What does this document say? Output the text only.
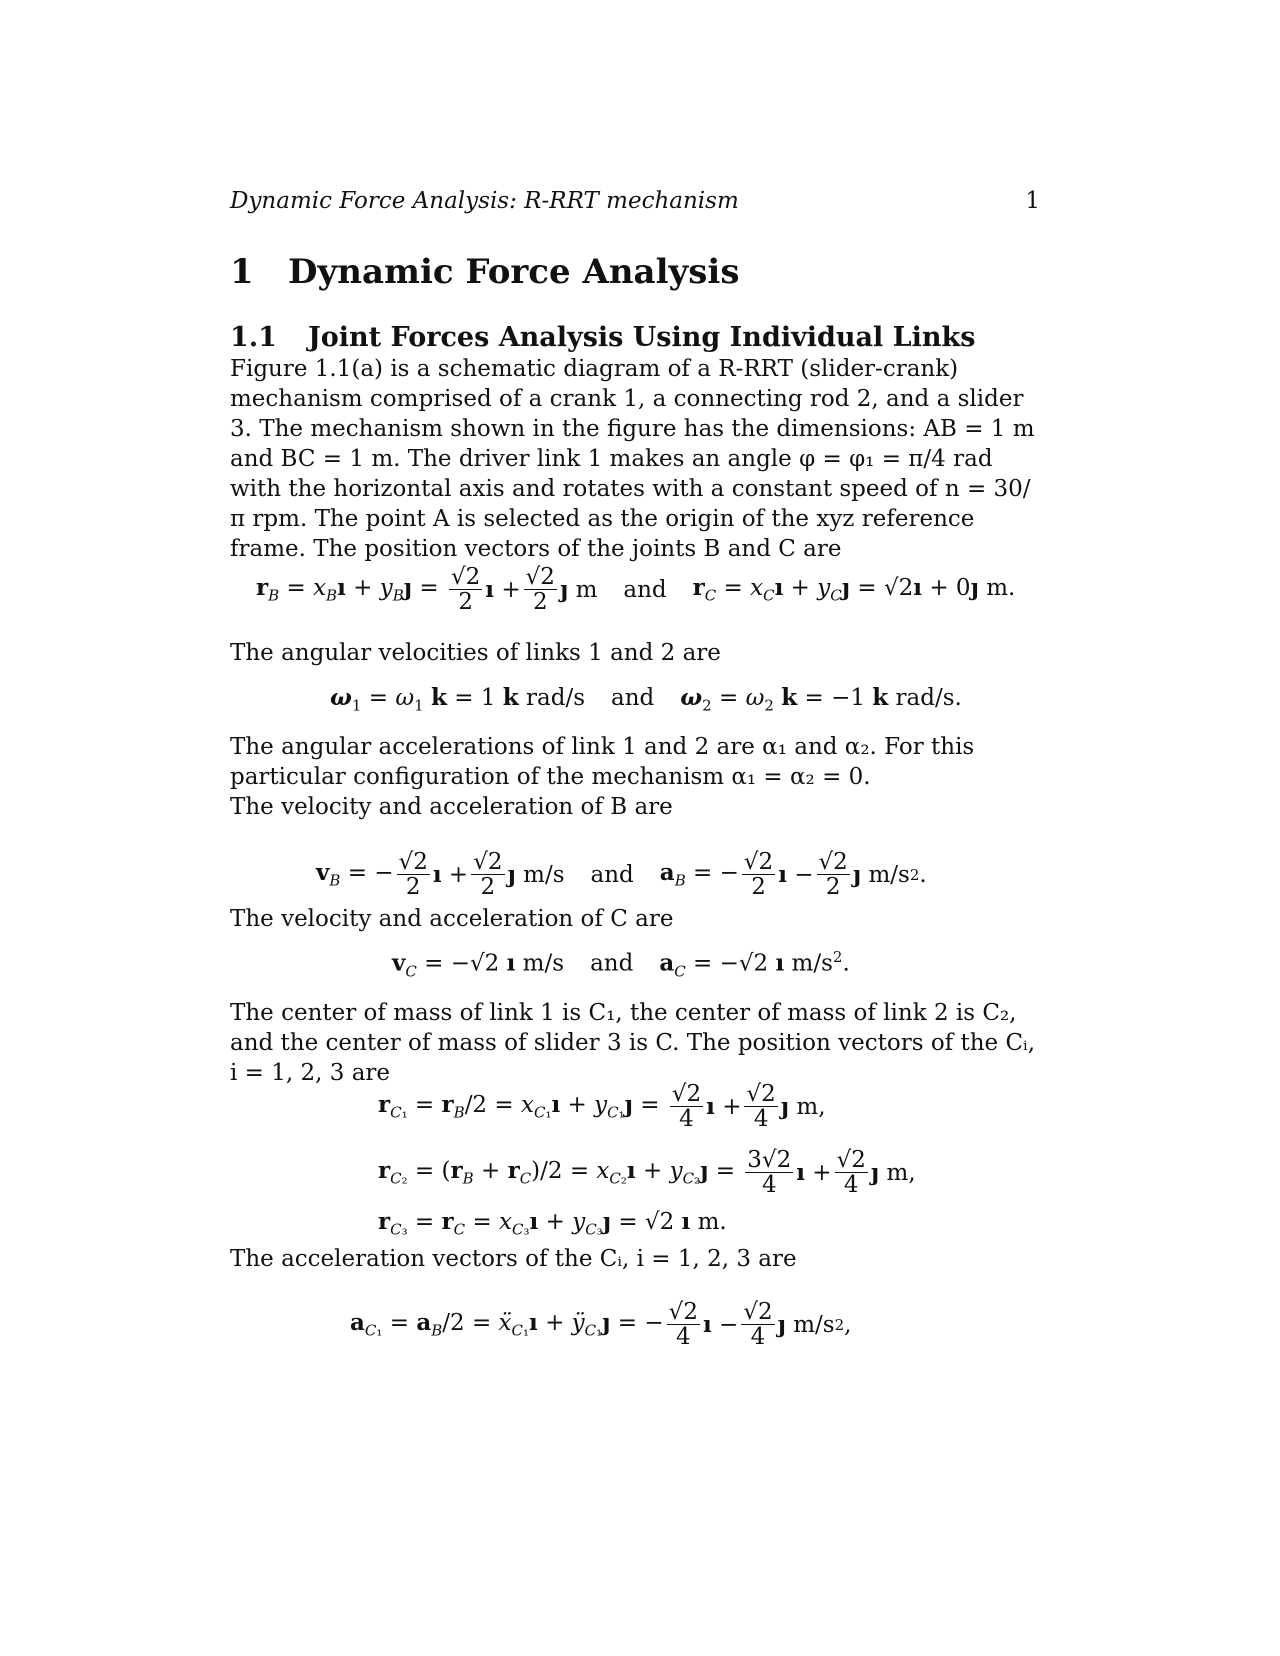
Dynamic Force Analysis: R-RRT mechanism	1
1 Dynamic Force Analysis
1.1 Joint Forces Analysis Using Individual Links

Figure 1.1(a) is a schematic diagram of a R-RRT (slider-crank) mechanism comprised of a crank 1, a connecting rod 2, and a slider 3. The mechanism shown in the figure has the dimensions: AB = 1 m and BC = 1 m. The driver link 1 makes an angle φ = φ₁ = π/4 rad with the horizontal axis and rotates with a constant speed of n = 30/π rpm. The point A is selected as the origin of the xyz reference frame. The position vectors of the joints B and C are

$r_B$ = $x_Bı$ + $y_Bȷ = \frac{√2}{2}$ ı + $\frac{√2}{2}$ ȷ m and $r_C$ = $x_Cı$ + $y_Cȷ$ = √2ı + 0ȷ m.

The angular velocities of links 1 and 2 are

$\omega_1 = \omega_1$ k = 1 k rad/s and $\omega_2 = \omega_2$ k = −1 k rad/s.

The angular accelerations of link 1 and 2 are α₁ and α₂. For this particular configuration of the mechanism α₁ = α₂ = 0.

The velocity and acceleration of B are

$v_B$ = − $\frac{√2}{2}$ ı + $\frac{√2}{2}$ ȷ m/s and $a_B$ = − $\frac{√2}{2}$ ı − $\frac{√2}{2}$ ȷ m/s 2 .

The velocity and acceleration of C are

$v_C = -√2$ ı m/s and $a_C = -√2$ ı $m/s^2$.

The center of mass of link 1 is C₁, the center of mass of link 2 is C₂, and the center of mass of slider 3 is C. The position vectors of the Cᵢ, i = 1, 2, 3 are

$r_{C_1} = r_B/2$ = $x_{C_1}ı$ + $y_{C_1}ȷ = \frac{√2}{4}$ ı + $\frac{√2}{4}$ ȷ m,
$r_{C_2} = (r_B + r_C)/2$ = $x_{C_2}ı$ + $y_{C_2}ȷ = \frac{3√2}{4}$ ı + $\frac{√2}{4}$ ȷ m,
$r_{C_3} = r_C$ = $x_{C_3}ı$ + $y_{C_3}ȷ = √2$ ı m.

The acceleration vectors of the Cᵢ, i = 1, 2, 3 are

$a_{C_1} = a_B/2$ = ẍ$_{C_1}$ı + $ÿ_{C_1}ȷ$ = − $\frac{√2}{4}$ ı − $\frac{√2}{4}$ ȷ m/s 2 ,
